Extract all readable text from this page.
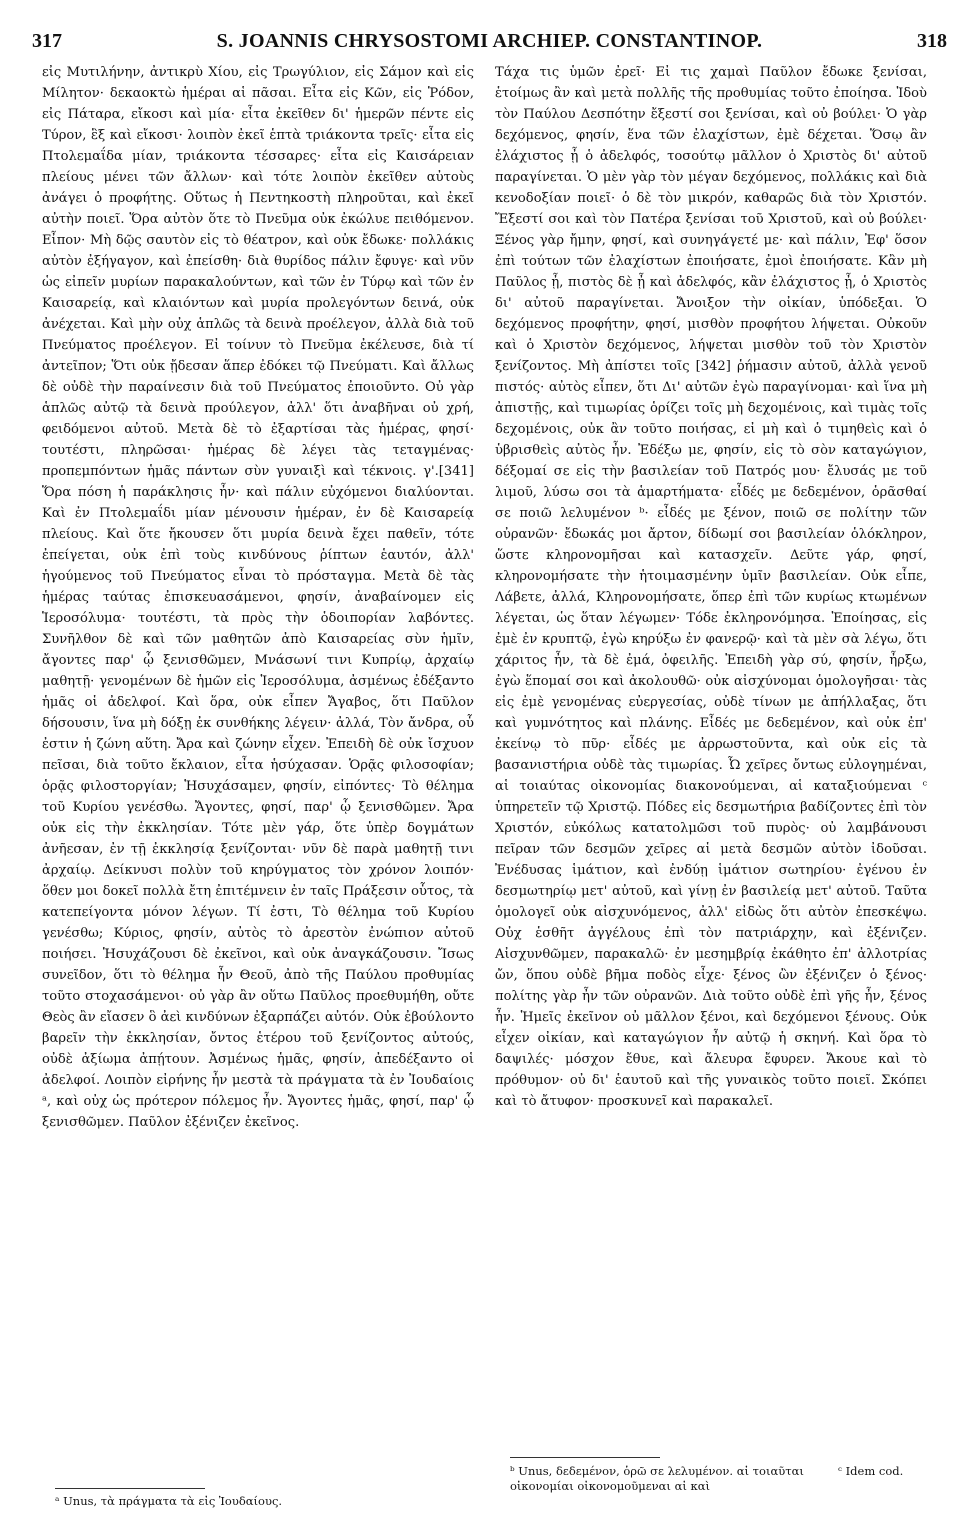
317	S. JOANNIS CHRYSOSTOMI ARCHIEP. CONSTANTINOP.	318

εἰς Μυτιλήνην, ἀντικρὺ Χίου, εἰς Τρωγύλιον, εἰς Σάμον καὶ εἰς Μίλητον· δεκαοκτὼ ἡμέραι αἱ πᾶσαι. Εἶτα εἰς Κῶν, εἰς Ῥόδον, εἰς Πάταρα, εἴκοσι καὶ μία· εἶτα ἐκεῖθεν δι' ἡμερῶν πέντε εἰς Τύρον, ἓξ καὶ εἴκοσι· λοιπὸν ἐκεῖ ἑπτὰ τριάκοντα τρεῖς· εἶτα εἰς Πτολεμαΐδα μίαν, τριάκοντα τέσσαρες· εἶτα εἰς Καισάρειαν πλείους μένει τῶν ἄλλων· καὶ τότε λοιπὸν ἐκεῖθεν αὐτοὺς ἀνάγει ὁ προφήτης. Οὕτως ἡ Πεντηκοστὴ πληροῦται, καὶ ἐκεῖ αὐτὴν ποιεῖ. Ὅρα αὐτὸν ὅτε τὸ Πνεῦμα οὐκ ἐκώλυε πειθόμενον. Εἶπον· Μὴ δῷς σαυτὸν εἰς τὸ θέατρον, καὶ οὐκ ἔδωκε· πολλάκις αὐτὸν ἐξήγαγον, καὶ ἐπείσθη· διὰ θυρίδος πάλιν ἔφυγε· καὶ νῦν ὡς εἰπεῖν μυρίων παρακαλούντων, καὶ τῶν ἐν Τύρῳ καὶ τῶν ἐν Καισαρείᾳ, καὶ κλαιόντων καὶ μυρία προλεγόντων δεινά, οὐκ ἀνέχεται. Καὶ μὴν οὐχ ἁπλῶς τὰ δεινὰ προέλεγον, ἀλλὰ διὰ τοῦ Πνεύματος προέλεγον. Εἰ τοίνυν τὸ Πνεῦμα ἐκέλευσε, διὰ τί ἀντεῖπον; Ὅτι οὐκ ᾔδεσαν ἅπερ ἐδόκει τῷ Πνεύματι. Καὶ ἄλλως δὲ οὐδὲ τὴν παραίνεσιν διὰ τοῦ Πνεύματος ἐποιοῦντο. Οὐ γὰρ ἁπλῶς αὐτῷ τὰ δεινὰ προύλεγον, ἀλλ' ὅτι ἀναβῆναι οὐ χρή, φειδόμενοι αὐτοῦ. Μετὰ δὲ τὸ ἐξαρτίσαι τὰς ἡμέρας, φησί· τουτέστι, πληρῶσαι· ἡμέρας δὲ λέγει τὰς τεταγμένας· προπεμπόντων ἡμᾶς πάντων σὺν γυναιξὶ καὶ τέκνοις. γ'.[341] Ὅρα πόση ἡ παράκλησις ἦν· καὶ πάλιν εὐχόμενοι διαλύονται. Καὶ ἐν Πτολεμαΐδι μίαν μένουσιν ἡμέραν, ἐν δὲ Καισαρείᾳ πλείους. Καὶ ὅτε ἤκουσεν ὅτι μυρία δεινὰ ἔχει παθεῖν, τότε ἐπείγεται, οὐκ ἐπὶ τοὺς κινδύνους ῥίπτων ἑαυτόν, ἀλλ' ἡγούμενος τοῦ Πνεύματος εἶναι τὸ πρόσταγμα. Μετὰ δὲ τὰς ἡμέρας ταύτας ἐπισκευασάμενοι, φησίν, ἀναβαίνομεν εἰς Ἱεροσόλυμα· τουτέστι, τὰ πρὸς τὴν ὁδοιπορίαν λαβόντες. Συνῆλθον δὲ καὶ τῶν μαθητῶν ἀπὸ Καισαρείας σὺν ἡμῖν, ἄγοντες παρ' ᾧ ξενισθῶμεν, Μνάσωνί τινι Κυπρίῳ, ἀρχαίῳ μαθητῇ· γενομένων δὲ ἡμῶν εἰς Ἱεροσόλυμα, ἀσμένως ἐδέξαντο ἡμᾶς οἱ ἀδελφοί. Καὶ ὅρα, οὐκ εἶπεν Ἄγαβος, ὅτι Παῦλον δήσουσιν, ἵνα μὴ δόξῃ ἐκ συνθήκης λέγειν· ἀλλά, Τὸν ἄνδρα, οὗ ἐστιν ἡ ζώνη αὕτη. Ἄρα καὶ ζώνην εἶχεν. Ἐπειδὴ δὲ οὐκ ἴσχυον πεῖσαι, διὰ τοῦτο ἔκλαιον, εἶτα ἡσύχασαν. Ὁρᾷς φιλοσοφίαν; ὁρᾷς φιλοστοργίαν; Ἡσυχάσαμεν, φησίν, εἰπόντες· Τὸ θέλημα τοῦ Κυρίου γενέσθω. Ἄγοντες, φησί, παρ' ᾧ ξενισθῶμεν. Ἄρα οὐκ εἰς τὴν ἐκκλησίαν. Τότε μὲν γάρ, ὅτε ὑπὲρ δογμάτων ἀνῆεσαν, ἐν τῇ ἐκκλησίᾳ ξενίζονται· νῦν δὲ παρὰ μαθητῇ τινι ἀρχαίῳ. Δείκνυσι πολὺν τοῦ κηρύγματος τὸν χρόνον λοιπόν· ὅθεν μοι δοκεῖ πολλὰ ἔτη ἐπιτέμνειν ἐν ταῖς Πράξεσιν οὗτος, τὰ κατεπείγοντα μόνον λέγων. Τί ἐστι, Τὸ θέλημα τοῦ Κυρίου γενέσθω; Κύριος, φησίν, αὐτὸς τὸ ἀρεστὸν ἐνώπιον αὐτοῦ ποιήσει. Ἡσυχάζουσι δὲ ἐκεῖνοι, καὶ οὐκ ἀναγκάζουσιν. Ἴσως συνεῖδον, ὅτι τὸ θέλημα ἦν Θεοῦ, ἀπὸ τῆς Παύλου προθυμίας τοῦτο στοχασάμενοι· οὐ γὰρ ἂν οὕτω Παῦλος προεθυμήθη, οὔτε Θεὸς ἂν εἴασεν ὃ ἀεὶ κινδύνων ἐξαρπάζει αὐτόν. Οὐκ ἐβούλοντο βαρεῖν τὴν ἐκκλησίαν, ὄντος ἑτέρου τοῦ ξενίζοντος αὐτούς, οὐδὲ ἀξίωμα ἀπῄτουν. Ἀσμένως ἡμᾶς, φησίν, ἀπεδέξαντο οἱ ἀδελφοί. Λοιπὸν εἰρήνης ἦν μεστὰ τὰ πράγματα τὰ ἐν Ἰουδαίοις ᵃ, καὶ οὐχ ὡς πρότερον πόλεμος ἦν. Ἄγοντες ἡμᾶς, φησί, παρ' ᾧ ξενισθῶμεν. Παῦλον ἐξένιζεν ἐκεῖνος.

Τάχα τις ὑμῶν ἐρεῖ· Εἰ τις χαμαὶ Παῦλον ἔδωκε ξενίσαι, ἑτοίμως ἂν καὶ μετὰ πολλῆς τῆς προθυμίας τοῦτο ἐποίησα. Ἰδοὺ τὸν Παύλου Δεσπότην ἔξεστί σοι ξενίσαι, καὶ οὐ βούλει· Ὁ γὰρ δεχόμενος, φησίν, ἕνα τῶν ἐλαχίστων, ἐμὲ δέχεται. Ὅσῳ ἂν ἐλάχιστος ᾖ ὁ ἀδελφός, τοσούτῳ μᾶλλον ὁ Χριστὸς δι' αὐτοῦ παραγίνεται. Ὁ μὲν γὰρ τὸν μέγαν δεχόμενος, πολλάκις καὶ διὰ κενοδοξίαν ποιεῖ· ὁ δὲ τὸν μικρόν, καθαρῶς διὰ τὸν Χριστόν. Ἔξεστί σοι καὶ τὸν Πατέρα ξενίσαι τοῦ Χριστοῦ, καὶ οὐ βούλει· Ξένος γὰρ ἤμην, φησί, καὶ συνηγάγετέ με· καὶ πάλιν, Ἐφ' ὅσον ἐπὶ τούτων τῶν ἐλαχίστων ἐποιήσατε, ἐμοὶ ἐποιήσατε. Κἂν μὴ Παῦλος ᾖ, πιστὸς δὲ ᾖ καὶ ἀδελφός, κἂν ἐλάχιστος ᾖ, ὁ Χριστὸς δι' αὐτοῦ παραγίνεται. Ἄνοιξον τὴν οἰκίαν, ὑπόδεξαι. Ὁ δεχόμενος προφήτην, φησί, μισθὸν προφήτου λήψεται. Οὐκοῦν καὶ ὁ Χριστὸν δεχόμενος, λήψεται μισθὸν τοῦ τὸν Χριστὸν ξενίζοντος. Μὴ ἀπίστει τοῖς [342] ῥήμασιν αὐτοῦ, ἀλλὰ γενοῦ πιστός· αὐτὸς εἶπεν, ὅτι Δι' αὐτῶν ἐγὼ παραγίνομαι· καὶ ἵνα μὴ ἀπιστῇς, καὶ τιμωρίας ὁρίζει τοῖς μὴ δεχομένοις, καὶ τιμὰς τοῖς δεχομένοις, οὐκ ἂν τοῦτο ποιήσας, εἰ μὴ καὶ ὁ τιμηθεὶς καὶ ὁ ὑβρισθεὶς αὐτὸς ἦν. Ἐδέξω με, φησίν, εἰς τὸ σὸν καταγώγιον, δέξομαί σε εἰς τὴν βασιλείαν τοῦ Πατρός μου· ἔλυσάς με τοῦ λιμοῦ, λύσω σοι τὰ ἁμαρτήματα· εἶδές με δεδεμένον, ὁρᾶσθαί σε ποιῶ λελυμένον ᵇ· εἶδές με ξένον, ποιῶ σε πολίτην τῶν οὐρανῶν· ἔδωκάς μοι ἄρτον, δίδωμί σοι βασιλείαν ὁλόκληρον, ὥστε κληρονομῆσαι καὶ κατασχεῖν. Δεῦτε γάρ, φησί, κληρονομήσατε τὴν ἡτοιμασμένην ὑμῖν βασιλείαν. Οὐκ εἶπε, Λάβετε, ἀλλά, Κληρονομήσατε, ὅπερ ἐπὶ τῶν κυρίως κτωμένων λέγεται, ὡς ὅταν λέγωμεν· Τόδε ἐκληρονόμησα. Ἐποίησας, εἰς ἐμὲ ἐν κρυπτῷ, ἐγὼ κηρύξω ἐν φανερῷ· καὶ τὰ μὲν σὰ λέγω, ὅτι χάριτος ἦν, τὰ δὲ ἐμά, ὀφειλῆς. Ἐπειδὴ γὰρ σύ, φησίν, ἦρξω, ἐγὼ ἕπομαί σοι καὶ ἀκολουθῶ· οὐκ αἰσχύνομαι ὁμολογῆσαι· τὰς εἰς ἐμὲ γενομένας εὐεργεσίας, οὐδὲ τίνων με ἀπήλλαξας, ὅτι καὶ γυμνότητος καὶ πλάνης. Εἶδές με δεδεμένον, καὶ οὐκ ἐπ' ἐκείνῳ τὸ πῦρ· εἶδές με ἀρρωστοῦντα, καὶ οὐκ εἰς τὰ βασανιστήρια οὐδὲ τὰς τιμωρίας. Ὦ χεῖρες ὄντως εὐλογημέναι, αἱ τοιαύτας οἰκονομίας διακονούμεναι, αἱ καταξιούμεναι ᶜ ὑπηρετεῖν τῷ Χριστῷ. Πόδες εἰς δεσμωτήρια βαδίζοντες ἐπὶ τὸν Χριστόν, εὐκόλως κατατολμῶσι τοῦ πυρὸς· οὐ λαμβάνουσι πεῖραν τῶν δεσμῶν χεῖρες αἱ μετὰ δεσμῶν αὐτὸν ἰδοῦσαι. Ἐνέδυσας ἱμάτιον, καὶ ἐνδύῃ ἱμάτιον σωτηρίου· ἐγένου ἐν δεσμωτηρίῳ μετ' αὐτοῦ, καὶ γίνῃ ἐν βασιλείᾳ μετ' αὐτοῦ. Ταῦτα ὁμολογεῖ οὐκ αἰσχυνόμενος, ἀλλ' εἰδὼς ὅτι αὐτὸν ἐπεσκέψω. Οὐχ ἑσθῆτ ἀγγέλους ἐπὶ τὸν πατριάρχην, καὶ ἐξένιζεν. Αἰσχυνθῶμεν, παρακαλῶ· ἐν μεσημβρίᾳ ἐκάθητο ἐπ' ἀλλοτρίας ὤν, ὅπου οὐδὲ βῆμα ποδὸς εἶχε· ξένος ὢν ἐξένιζεν ὁ ξένος· πολίτης γὰρ ἦν τῶν οὐρανῶν. Διὰ τοῦτο οὐδὲ ἐπὶ γῆς ἦν, ξένος ἦν. Ἡμεῖς ἐκεῖνον οὐ μᾶλλον ξένοι, καὶ δεχόμενοι ξένους. Οὐκ εἶχεν οἰκίαν, καὶ καταγώγιον ἦν αὐτῷ ἡ σκηνή. Καὶ ὅρα τὸ δαψιλές· μόσχον ἔθυε, καὶ ἄλευρα ἔφυρεν. Ἄκουε καὶ τὸ πρόθυμον· οὐ δι' ἑαυτοῦ καὶ τῆς γυναικὸς τοῦτο ποιεῖ. Σκόπει καὶ τὸ ἄτυφον· προσκυνεῖ καὶ παρακαλεῖ.

ᵃ Unus, τὰ πράγματα τὰ εἰς Ἰουδαίους.
ᵇ Unus, δεδεμένον, ὁρῶ σε λελυμένον. αἱ τοιαῦται οἰκονομίαι οἰκονομοῦμεναι αἱ καὶ
ᶜ Idem cod.
